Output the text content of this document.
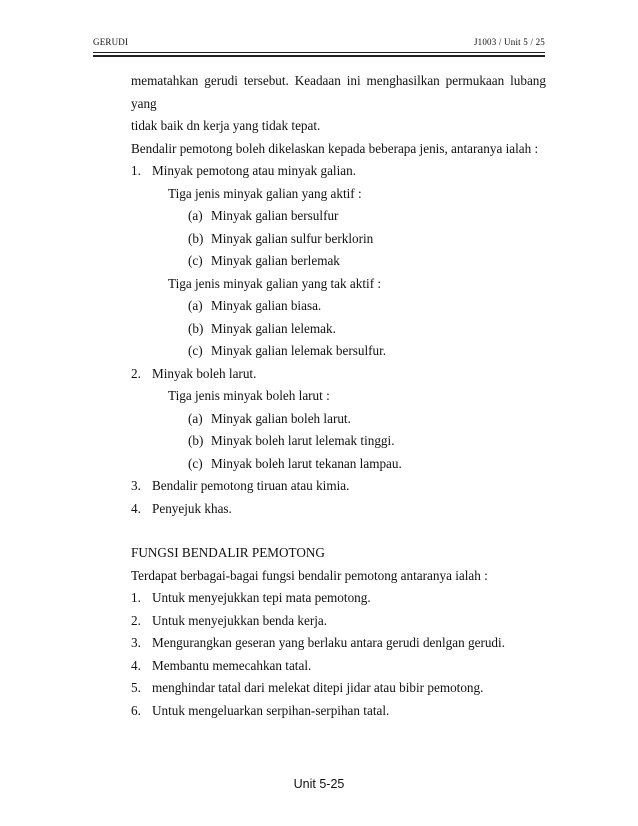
GERUDI	J1003 / Unit 5 / 25
mematahkan gerudi tersebut. Keadaan ini menghasilkan permukaan lubang yang
tidak baik dn kerja yang tidak tepat.
Bendalir pemotong boleh dikelaskan kepada beberapa jenis, antaranya ialah :
1. Minyak pemotong atau minyak galian.
Tiga jenis minyak galian yang aktif :
(a) Minyak galian bersulfur
(b) Minyak galian sulfur berklorin
(c) Minyak galian berlemak
Tiga jenis minyak galian yang tak aktif :
(a) Minyak galian biasa.
(b) Minyak galian lelemak.
(c) Minyak galian lelemak bersulfur.
2. Minyak boleh larut.
Tiga jenis minyak boleh larut :
(a) Minyak galian boleh larut.
(b) Minyak boleh larut lelemak tinggi.
(c) Minyak boleh larut tekanan lampau.
3. Bendalir pemotong tiruan atau kimia.
4. Penyejuk khas.
FUNGSI BENDALIR PEMOTONG
Terdapat berbagai-bagai fungsi bendalir pemotong antaranya ialah :
1. Untuk menyejukkan tepi mata pemotong.
2. Untuk menyejukkan benda kerja.
3. Mengurangkan geseran yang berlaku antara gerudi denlgan gerudi.
4. Membantu memecahkan tatal.
5. menghindar tatal dari melekat ditepi jidar atau bibir pemotong.
6. Untuk mengeluarkan serpihan-serpihan tatal.
Unit 5-25
